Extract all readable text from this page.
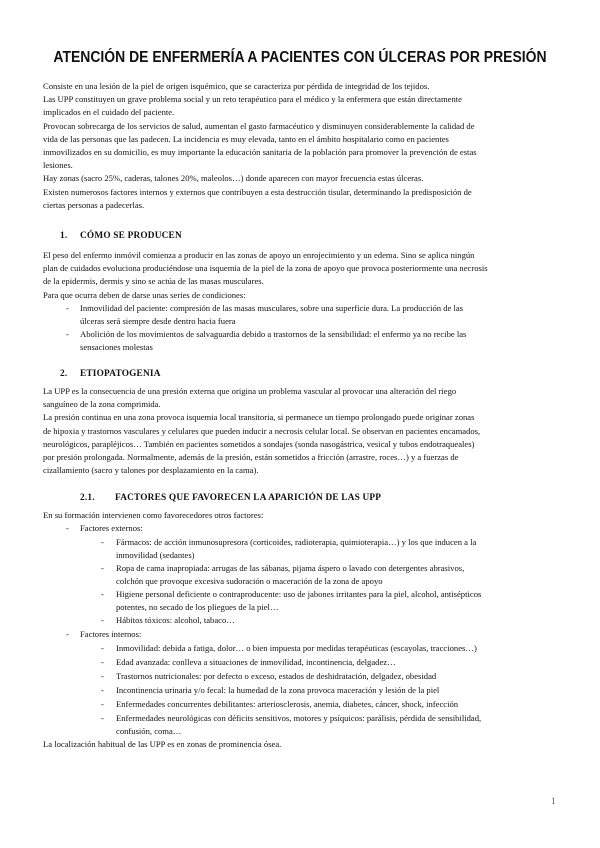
ATENCIÓN DE ENFERMERÍA A PACIENTES CON ÚLCERAS POR PRESIÓN
Consiste en una lesión de la piel de origen isquémico, que se caracteriza por pérdida de integridad de los tejidos.
Las UPP constituyen un grave problema social y un reto terapéutico para el médico y la enfermera que están directamente
implicados en el cuidado del paciente.
Provocan sobrecarga de los servicios de salud, aumentan el gasto farmacéutico y disminuyen considerablemente la calidad de
vida de las personas que las padecen. La incidencia es muy elevada, tanto en el ámbito hospitalario como en pacientes
inmovilizados en su domicilio, es muy importante la educación sanitaria de la población para promover la prevención de estas
lesiones.
Hay zonas (sacro 25%, caderas, talones 20%, maleolos…) donde aparecen con mayor frecuencia estas úlceras.
Existen numerosos factores internos y externos que contribuyen a esta destrucción tisular, determinando la predisposición de
ciertas personas a padecerlas.
1. CÓMO SE PRODUCEN
El peso del enfermo inmóvil comienza a producir en las zonas de apoyo un enrojecimiento y un edema. Sino se aplica ningún
plan de cuidados evoluciona produciéndose una isquemia de la piel de la zona de apoyo que provoca posteriormente una necrosis
de la epidermis, dermis y sino se actúa de las masas musculares.
Para que ocurra deben de darse unas series de condiciones:
- Inmovilidad del paciente: compresión de las masas musculares, sobre una superficie dura. La producción de las
úlceras será siempre desde dentro hacia fuera
- Abolición de los movimientos de salvaguardia debido a trastornos de la sensibilidad: el enfermo ya no recibe las
sensaciones molestas
2. ETIOPATOGENIA
La UPP es la consecuencia de una presión externa que origina un problema vascular al provocar una alteración del riego
sanguíneo de la zona comprimida.
La presión continua en una zona provoca isquemia local transitoria, si permanece un tiempo prolongado puede originar zonas
de hipoxia y trastornos vasculares y celulares que pueden inducir a necrosis celular local. Se observan en pacientes encamados,
neurológicos, parapléjicos… También en pacientes sometidos a sondajes (sonda nasogástrica, vesical y tubos endotraqueales)
por presión prolongada. Normalmente, además de la presión, están sometidos a fricción (arrastre, roces…) y a fuerzas de
cizallamiento (sacro y talones por desplazamiento en la cama).
2.1. FACTORES QUE FAVORECEN LA APARICIÓN DE LAS UPP
En su formación intervienen como favorecedores otros factores:
- Factores externos:
- Fármacos: de acción inmunosupresora (corticoides, radioterapia, quimioterapia…) y los que inducen a la
inmovilidad (sedantes)
- Ropa de cama inapropiada: arrugas de las sábanas, pijama áspero o lavado con detergentes abrasivos,
colchón que provoque excesiva sudoración o maceración de la zona de apoyo
- Higiene personal deficiente o contraproducente: uso de jabones irritantes para la piel, alcohol, antisépticos
potentes, no secado de los pliegues de la piel…
- Hábitos tóxicos: alcohol, tabaco…
- Factores internos:
- Inmovilidad: debida a fatiga, dolor… o bien impuesta por medidas terapéuticas (escayolas, tracciones…)
- Edad avanzada: conlleva a situaciones de inmovilidad, incontinencia, delgadez…
- Trastornos nutricionales: por defecto o exceso, estados de deshidratación, delgadez, obesidad
- Incontinencia urinaria y/o fecal: la humedad de la zona provoca maceración y lesión de la piel
- Enfermedades concurrentes debilitantes: arteriosclerosis, anemia, diabetes, cáncer, shock, infección
- Enfermedades neurológicas con déficits sensitivos, motores y psíquicos: parálisis, pérdida de sensibilidad,
confusión, coma…
La localización habitual de las UPP es en zonas de prominencia ósea.
1
